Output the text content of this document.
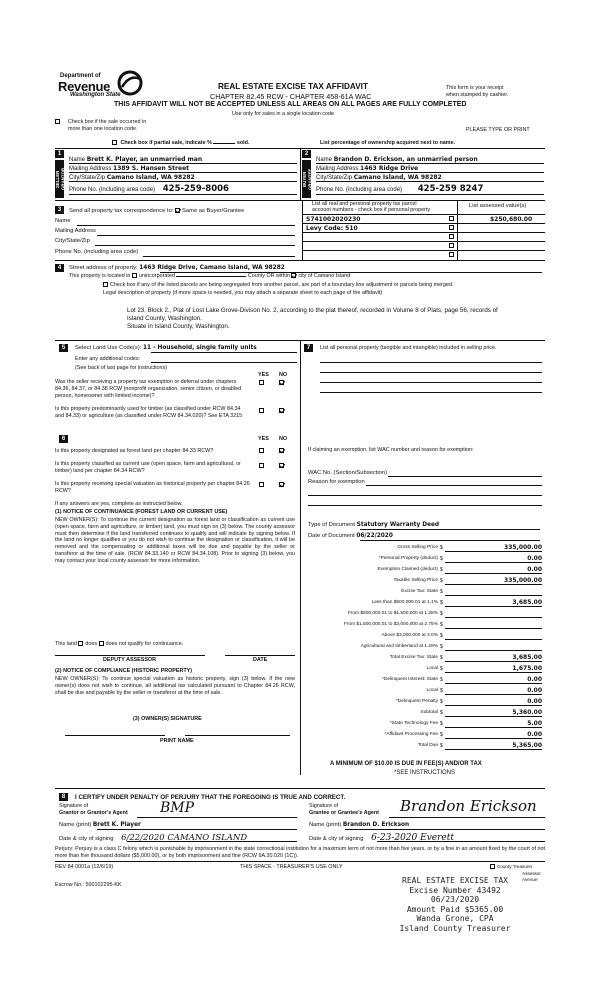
Department of
Revenue
Washington State
REAL ESTATE EXCISE TAX AFFIDAVIT
CHAPTER 82.45 RCW - CHAPTER 458-61A WAC
THIS AFFIDAVIT WILL NOT BE ACCEPTED UNLESS ALL AREAS ON ALL PAGES ARE FULLY COMPLETED
Use only for sales in a single location code
This form is your receipt
when stamped by cashier.
Check box if the sale occurred in
more than one location code.	PLEASE TYPE OR PRINT
Check box if partial sale, indicate %	sold.	List percentage of ownership acquired next to name.
1
SELLER GRANTOR
Name Brett K. Player, an unmarried man
Mailing Address 1389 S. Hansen Street
City/State/Zip Camano Island, WA 98282
Phone No. (including area code) 425-259-8006
2
BUYER GRANTEE
Name Brandon D. Erickson, an unmarried person
Mailing Address 1463 Ridge Drive
City/State/Zip Camano Island, WA 98282
Phone No. (including area code) 425-259 8247
3	Send all property tax correspondence to: Same as Buyer/Grantee
Name
Mailing Address
City/State/Zip
Phone No. (including area code)
List all real and personal property tax parcel
account numbers - check box if personal property
List assessed value(s)
S741002020230	$250,680.00
Levy Code: 510
4	Street address of property: 1463 Ridge Drive, Camano Island, WA 98282
This property is located in unincorporated	County OR within city of Camano Island
Check box if any of the listed parcels are being segregated from another parcel, are part of a boundary line adjustment or parcels being merged.
Legal description of property (if more space is needed, you may attach a separate sheet to each page of the affidavit)
Lot 23, Block 2., Plat of Lost Lake Grove-Divison No. 2, according to the plat thereof, recorded in Volume 8 of Plats, page 56, records of
Island County, Washington.
Situate in Island County, Washington.
5	Select Land Use Code(s): 11 - Household, single family units
Enter any additional codes:
(See back of last page for instructions)
YES NO
Was the seller receiving a property tax exemption or deferral under chapters 84.36, 84.37, or 84.38 RCW (nonprofit organization, senior citizen, or disabled person, homeowner with limited income)?
Is this property predominantly used for timber (as classified under RCW 84.34 and 84.33) or agriculture (as classified under RCW 84.34.020)? See ETA 3215
6	YES NO
Is this property designated as forest land per chapter 84.33 RCW?
Is this property classified as current use (open space, farm and agricultural, or timber) land per chapter 84.34 RCW?
Is this property receiving special valuation as historical property per chapter 84.26 RCW?
If any answers are yes, complete as instructed below.
(1) NOTICE OF CONTINUANCE (FOREST LAND OR CURRENT USE)
NEW OWNER(S): To continue the current designation as forest land or classification as current use (open space, farm and agriculture, or timber) land, you must sign on (3) below. The county assessor must then determine if the land transferred continues to qualify and will indicate by signing below. If the land no longer qualifies or you do not wish to continue the designation or classification, it will be removed and the compensating or additional taxes will be due and payable by the seller or transferor at the time of sale. (RCW 84.33.140 or RCW 84.34.108). Prior to signing (3) below, you may contact your local county assessor for more information.
This land does does not qualify for continuance.
DEPUTY ASSESSOR	DATE
(2) NOTICE OF COMPLIANCE (HISTORIC PROPERTY)
NEW OWNER(S): To continue special valuation as historic property, sign (3) below. If the new owner(s) does not wish to continue, all additional tax calculated pursuant to Chapter 84.26 RCW, shall be due and payable by the seller or transferor at the time of sale.
(3) OWNER(S) SIGNATURE
PRINT NAME
7	List all personal property (tangible and intangible) included in selling price.
If claiming an exemption, list WAC number and reason for exemption:
WAC No. (Section/Subsection)
Reason for exemption
Type of Document Statutory Warranty Deed
Date of Document 06/22/2020
Gross Selling Price $	335,000.00
*Personal Property (deduct) $	0.00
Exemption Claimed (deduct) $	0.00
Taxable Selling Price $	335,000.00
Excise Tax: State $
Less than $500,000.01 at 1.1% $	3,685.00
From $500,000.01 to $1,500,000 at 1.28% $
From $1,500,000.01 to $3,000,000 at 2.75% $
Above $3,000,000 at 3.0% $
Agricultural and timberland at 1.28% $
Total Excise Tax: State $	3,685.00
Local $	1,675.00
*Delinquent Interest: State $	0.00
Local $	0.00
*Delinquent Penalty $	0.00
Subtotal $	5,360.00
*State Technology Fee $	5.00
*Affidavit Processing Fee $	0.00
Total Due $	5,365.00
A MINIMUM OF $10.00 IS DUE IN FEE(S) AND/OR TAX
*SEE INSTRUCTIONS
8	I CERTIFY UNDER PENALTY OF PERJURY THAT THE FOREGOING IS TRUE AND CORRECT.
Signature of
Grantor or Grantor's Agent BMP	Signature of
Grantee or Grantee's Agent Brandon Erickson
Name (print) Brett K. Player	Name (print) Brandon D. Erickson
Date & city of signing 6/22/2020 CAMANO ISLAND	Date & city of signing 6-23-2020 Everett
Perjury: Perjury is a class C felony which is punishable by imprisonment in the state correctional institution for a maximum term of not more than five years, or by a fine in an amount fixed by the court of not more than five thousand dollars ($5,000.00), or by both imprisonment and fine (RCW 9A.20.020 (1C)).
REV 84 0001a (12/6/19)	THIS SPACE - TREASURER'S USE ONLY	County Treasurer
Assessor
Avenue
Escrow No.: 500102295-KK	REAL ESTATE EXCISE TAX
Excise Number 43492
06/23/2020
Amount Paid $5365.00
Wanda Grone, CPA
Island County Treasurer
